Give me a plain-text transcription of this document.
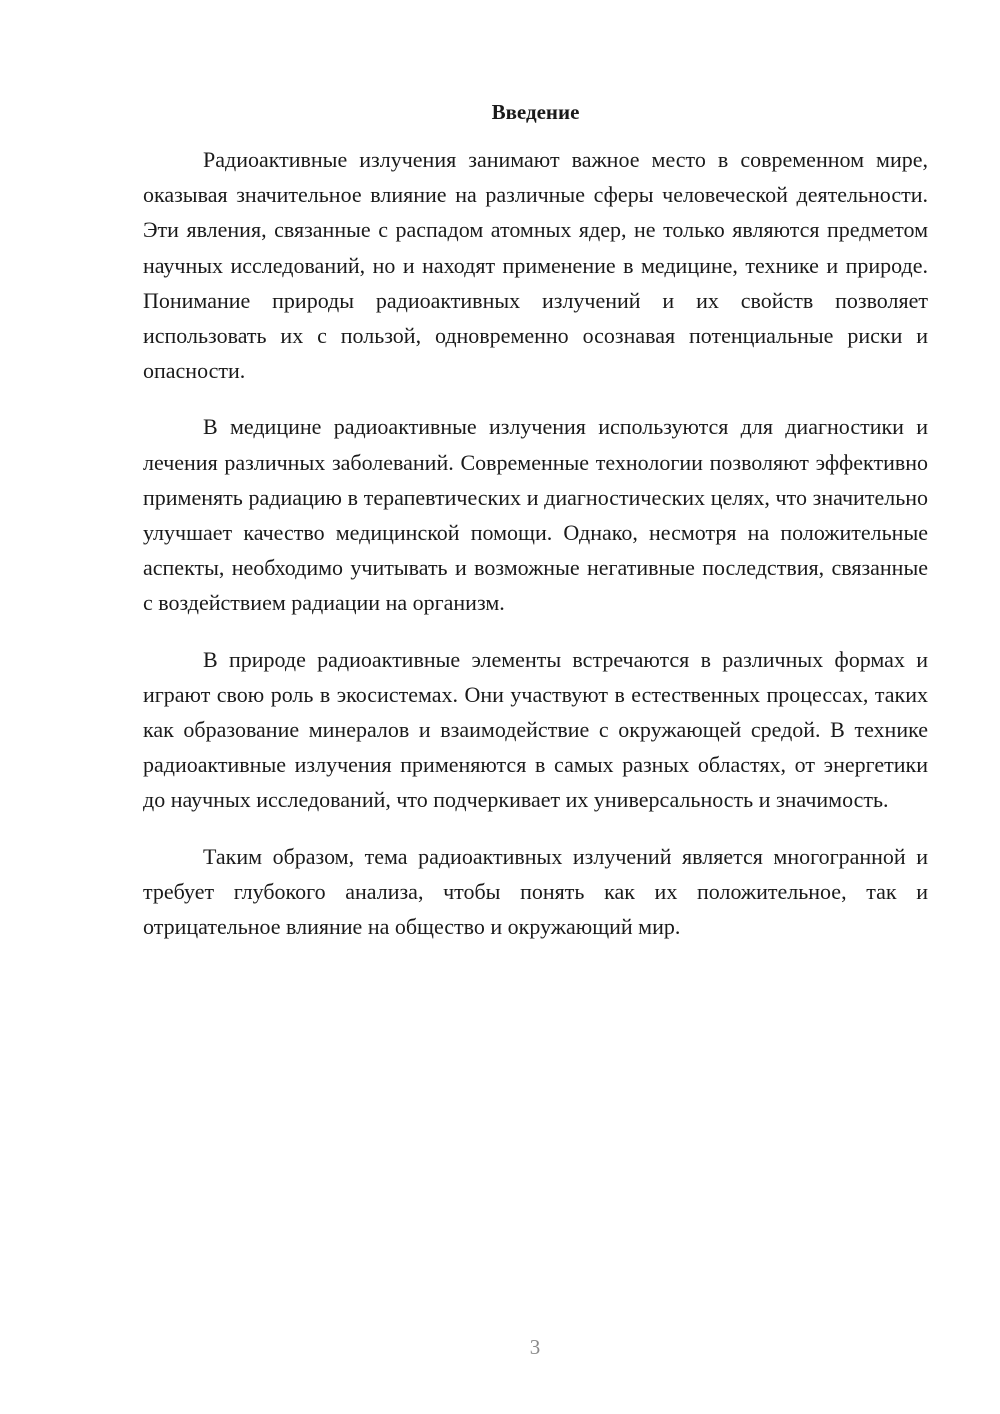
Введение

Радиоактивные излучения занимают важное место в современном мире, оказывая значительное влияние на различные сферы человеческой деятельности. Эти явления, связанные с распадом атомных ядер, не только являются предметом научных исследований, но и находят применение в медицине, технике и природе. Понимание природы радиоактивных излучений и их свойств позволяет использовать их с пользой, одновременно осознавая потенциальные риски и опасности.

В медицине радиоактивные излучения используются для диагностики и лечения различных заболеваний. Современные технологии позволяют эффективно применять радиацию в терапевтических и диагностических целях, что значительно улучшает качество медицинской помощи. Однако, несмотря на положительные аспекты, необходимо учитывать и возможные негативные последствия, связанные с воздействием радиации на организм.

В природе радиоактивные элементы встречаются в различных формах и играют свою роль в экосистемах. Они участвуют в естественных процессах, таких как образование минералов и взаимодействие с окружающей средой. В технике радиоактивные излучения применяются в самых разных областях, от энергетики до научных исследований, что подчеркивает их универсальность и значимость.

Таким образом, тема радиоактивных излучений является многогранной и требует глубокого анализа, чтобы понять как их положительное, так и отрицательное влияние на общество и окружающий мир.

3
